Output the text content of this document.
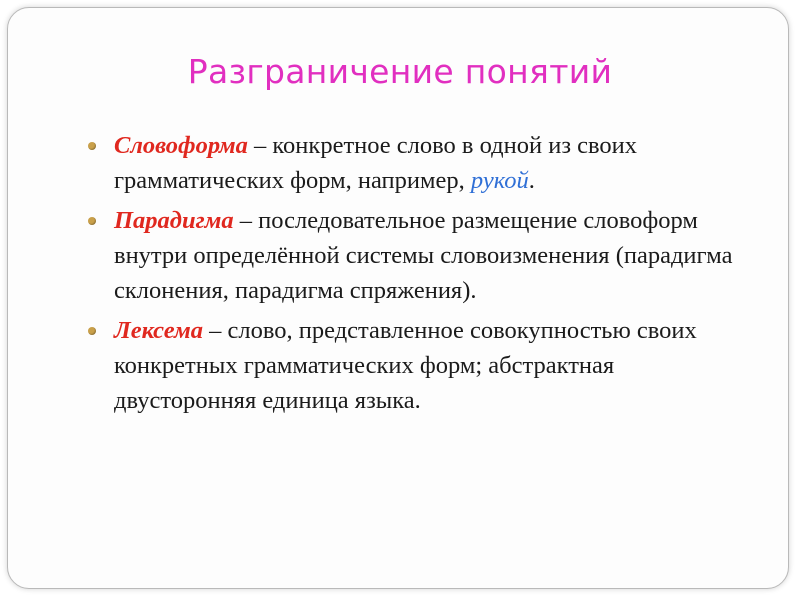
Разграничение понятий
Словоформа – конкретное слово в одной из своих грамматических форм, например, рукой.
Парадигма – последовательное размещение словоформ внутри определённой системы словоизменения (парадигма склонения, парадигма спряжения).
Лексема – слово, представленное совокупностью своих конкретных грамматических форм; абстрактная двусторонняя единица языка.
